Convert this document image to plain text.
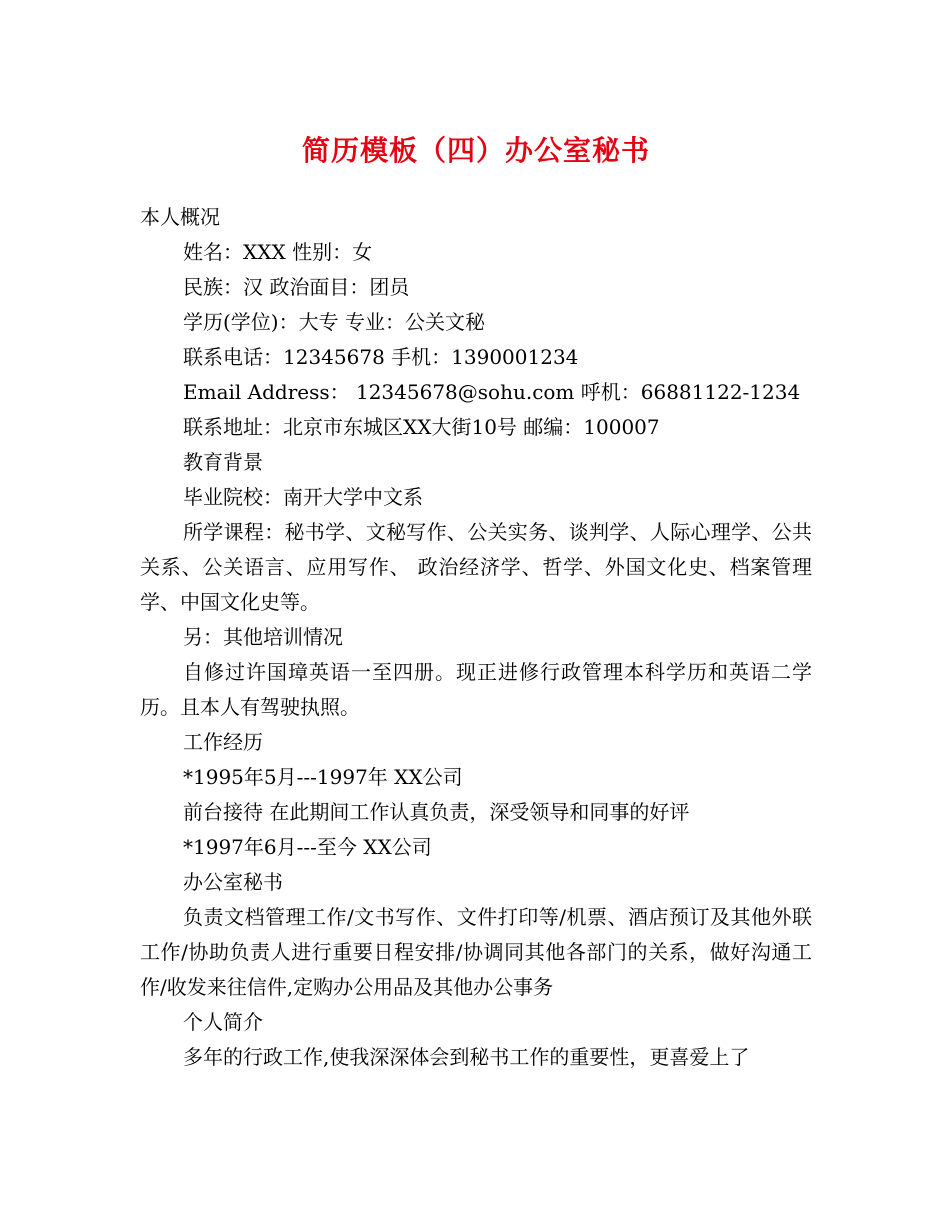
简历模板（四）办公室秘书

本人概况

姓名：XXX 性别：女

民族：汉 政治面目：团员

学历(学位)：大专 专业：公关文秘

联系电话：12345678 手机：1390001234

Email Address： 12345678@sohu.com 呼机：66881122-1234

联系地址：北京市东城区XX大街10号 邮编：100007

教育背景

毕业院校：南开大学中文系

所学课程：秘书学、文秘写作、公关实务、谈判学、人际心理学、公共关系、公关语言、应用写作、 政治经济学、哲学、外国文化史、档案管理学、中国文化史等。

另：其他培训情况

自修过许国璋英语一至四册。现正进修行政管理本科学历和英语二学历。且本人有驾驶执照。

工作经历

*1995年5月---1997年 XX公司

前台接待 在此期间工作认真负责，深受领导和同事的好评

*1997年6月---至今 XX公司

办公室秘书

负责文档管理工作/文书写作、文件打印等/机票、酒店预订及其他外联工作/协助负责人进行重要日程安排/协调同其他各部门的关系，做好沟通工作/收发来往信件,定购办公用品及其他办公事务

个人简介

多年的行政工作,使我深深体会到秘书工作的重要性，更喜爱上了
